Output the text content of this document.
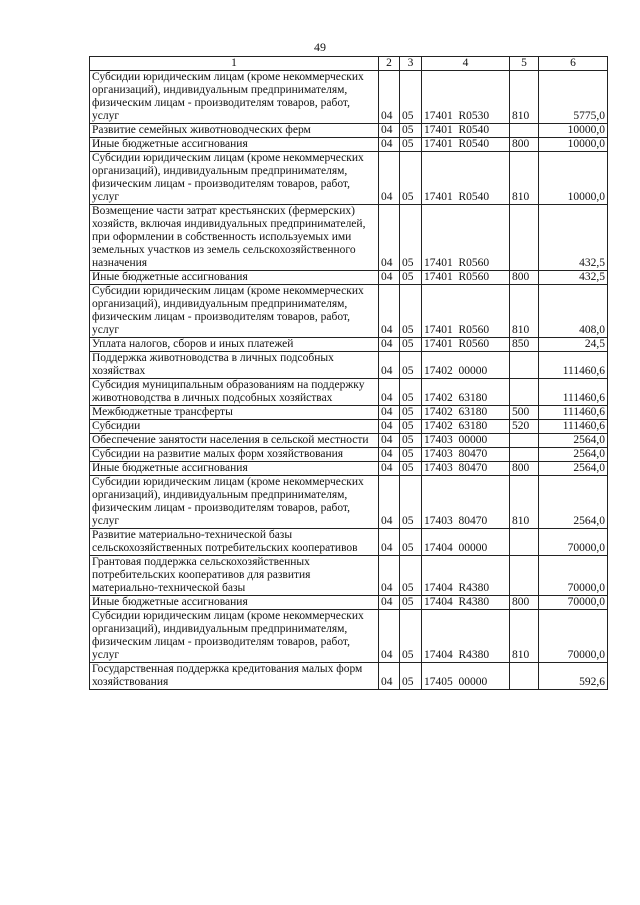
49
1	2	3	4	5	6
Субсидии юридическим лицам (кроме некоммерческих организаций), индивидуальным предпринимателям, физическим лицам - производителям товаров, работ, услуг	04	05	17401  R0530	810	5775,0
Развитие семейных животноводческих ферм	04	05	17401  R0540		10000,0
Иные бюджетные ассигнования	04	05	17401  R0540	800	10000,0
Субсидии юридическим лицам (кроме некоммерческих организаций), индивидуальным предпринимателям, физическим лицам - производителям товаров, работ, услуг	04	05	17401  R0540	810	10000,0
Возмещение части затрат крестьянских (фермерских) хозяйств, включая индивидуальных предпринимателей, при оформлении в собственность используемых ими земельных участков из земель сельскохозяйственного назначения	04	05	17401  R0560		432,5
Иные бюджетные ассигнования	04	05	17401  R0560	800	432,5
Субсидии юридическим лицам (кроме некоммерческих организаций), индивидуальным предпринимателям, физическим лицам - производителям товаров, работ, услуг	04	05	17401  R0560	810	408,0
Уплата налогов, сборов и иных платежей	04	05	17401  R0560	850	24,5
Поддержка животноводства в личных подсобных хозяйствах	04	05	17402  00000		111460,6
Субсидия муниципальным образованиям на поддержку животноводства в личных подсобных хозяйствах	04	05	17402  63180		111460,6
Межбюджетные трансферты	04	05	17402  63180	500	111460,6
Субсидии	04	05	17402  63180	520	111460,6
Обеспечение занятости населения в сельской местности	04	05	17403  00000		2564,0
Субсидии на развитие малых форм хозяйствования	04	05	17403  80470		2564,0
Иные бюджетные ассигнования	04	05	17403  80470	800	2564,0
Субсидии юридическим лицам (кроме некоммерческих организаций), индивидуальным предпринимателям, физическим лицам - производителям товаров, работ, услуг	04	05	17403  80470	810	2564,0
Развитие материально-технической базы сельскохозяйственных потребительских кооперативов	04	05	17404  00000		70000,0
Грантовая поддержка сельскохозяйственных потребительских кооперативов для развития материально-технической базы	04	05	17404  R4380		70000,0
Иные бюджетные ассигнования	04	05	17404  R4380	800	70000,0
Субсидии юридическим лицам (кроме некоммерческих организаций), индивидуальным предпринимателям, физическим лицам - производителям товаров, работ, услуг	04	05	17404  R4380	810	70000,0
Государственная поддержка кредитования малых форм хозяйствования	04	05	17405  00000		592,6
